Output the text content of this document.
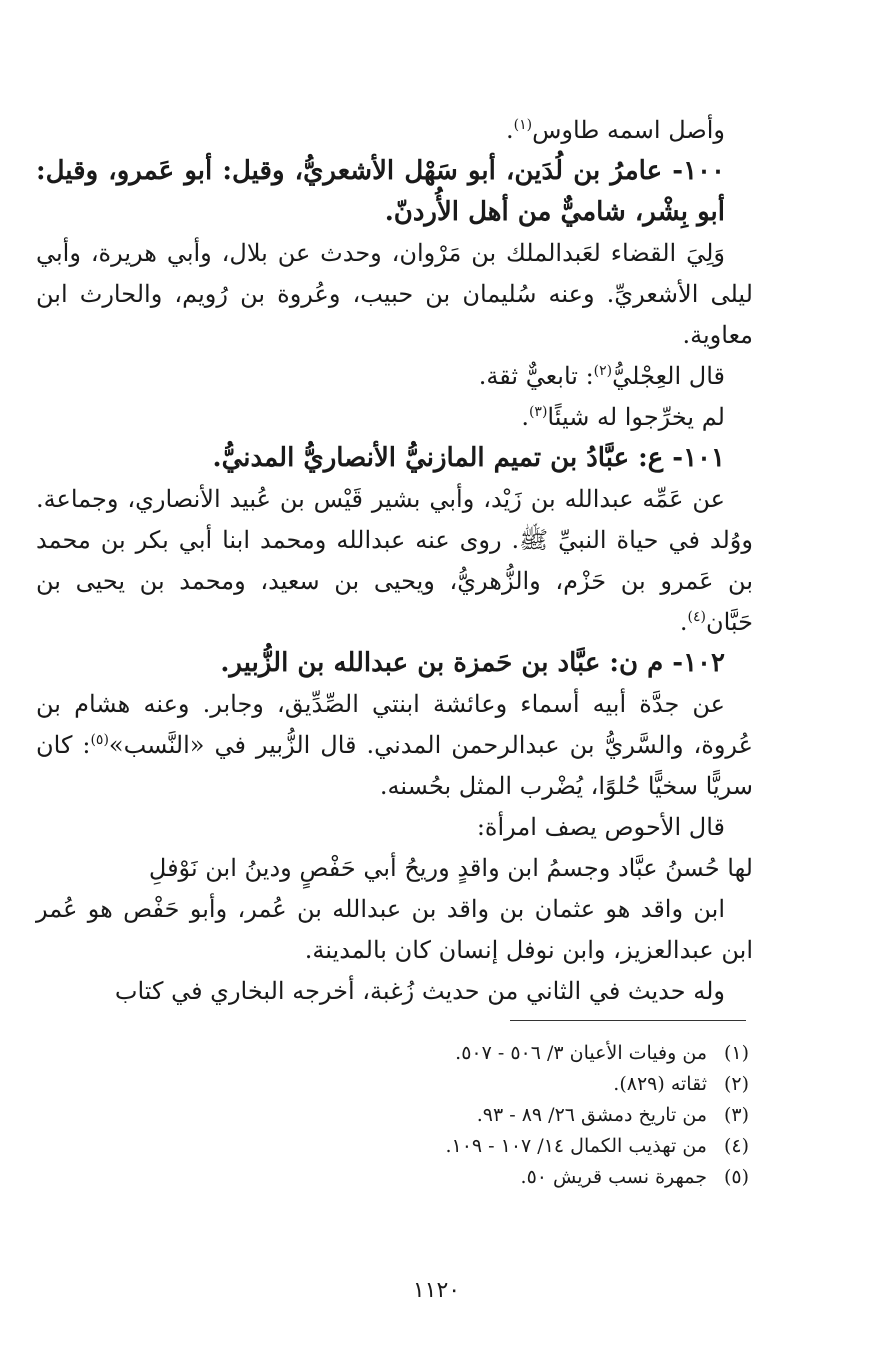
وأصل اسمه طاوس$^{(١)}$.

١٠٠- عامرُ بن لُدَين، أبو سَهْل الأشعريُّ، وقيل: أبو عَمرو، وقيل: أبو بِشْر، شاميٌّ من أهل الأُردنّ.

وَلِيَ القضاء لعَبدالملك بن مَرْوان، وحدث عن بلال، وأبي هريرة، وأبي ليلى الأشعريِّ. وعنه سُليمان بن حبيب، وعُروة بن رُويم، والحارث ابن معاوية.

قال العِجْليُّ$^{(٢)}$: تابعيٌّ ثقة.

لم يخرِّجوا له شيئًا$^{(٣)}$.

١٠١- ع: عبَّادُ بن تميم المازنيُّ الأنصاريُّ المدنيُّ.

عن عَمِّه عبدالله بن زَيْد، وأبي بشير قَيْس بن عُبيد الأنصاري، وجماعة. ووُلد في حياة النبيِّ ﷺ. روى عنه عبدالله ومحمد ابنا أبي بكر بن محمد بن عَمرو بن حَزْم، والزُّهريُّ، ويحيى بن سعيد، ومحمد بن يحيى بن حَبَّان$^{(٤)}$.

١٠٢- م ن: عبَّاد بن حَمزة بن عبدالله بن الزُّبير.

عن جدَّة أبيه أسماء وعائشة ابنتي الصِّدِّيق، وجابر. وعنه هشام بن عُروة، والسَّريُّ بن عبدالرحمن المدني. قال الزُّبير في «النَّسب»$^{(٥)}$: كان سريًّا سخيًّا حُلوًا، يُضْرب المثل بحُسنه.

قال الأحوص يصف امرأة:

لها حُسنُ عبَّاد وجسمُ ابن واقدٍ وريحُ أبي حَفْصٍ ودينُ ابن نَوْفلِ

ابن واقد هو عثمان بن واقد بن عبدالله بن عُمر، وأبو حَفْص هو عُمر ابن عبدالعزيز، وابن نوفل إنسان كان بالمدينة.

وله حديث في الثاني من حديث زُغبة، أخرجه البخاري في كتاب

(١)من وفيات الأعيان ٣/ ٥٠٦ - ٥٠٧.

(٢)ثقاته (٨٢٩).

(٣)من تاريخ دمشق ٢٦/ ٨٩ - ٩٣.

(٤)من تهذيب الكمال ١٤/ ١٠٧ - ١٠٩.

(٥)جمهرة نسب قريش ٥٠.

١١٢٠
